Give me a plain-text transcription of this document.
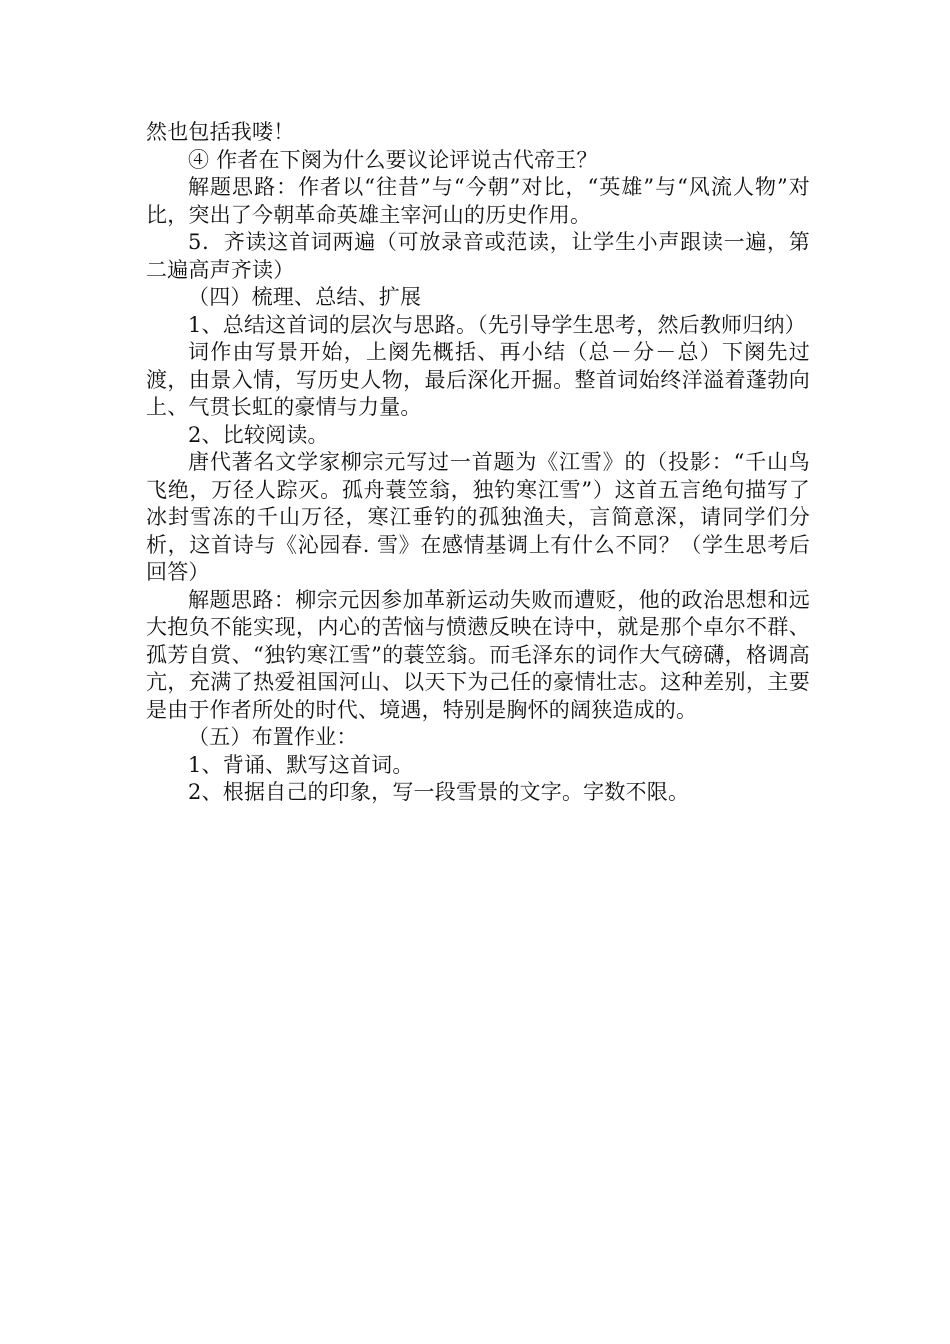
然也包括我喽！

④ 作者在下阕为什么要议论评说古代帝王？

解题思路：作者以“往昔”与“今朝”对比，“英雄”与“风流人物”对比，突出了今朝革命英雄主宰河山的历史作用。

5．齐读这首词两遍（可放录音或范读，让学生小声跟读一遍，第二遍高声齐读）

（四）梳理、总结、扩展

1、总结这首词的层次与思路。（先引导学生思考，然后教师归纳）

词作由写景开始，上阕先概括、再小结（总－分－总）下阕先过渡，由景入情，写历史人物，最后深化开掘。整首词始终洋溢着蓬勃向上、气贯长虹的豪情与力量。

2、比较阅读。

唐代著名文学家柳宗元写过一首题为《江雪》的（投影：“千山鸟飞绝，万径人踪灭。孤舟蓑笠翁，独钓寒江雪”）这首五言绝句描写了冰封雪冻的千山万径，寒江垂钓的孤独渔夫，言简意深，请同学们分析，这首诗与《沁园春. 雪》在感情基调上有什么不同？（学生思考后回答）

解题思路：柳宗元因参加革新运动失败而遭贬，他的政治思想和远大抱负不能实现，内心的苦恼与愤懑反映在诗中，就是那个卓尔不群、孤芳自赏、“独钓寒江雪”的蓑笠翁。而毛泽东的词作大气磅礴，格调高亢，充满了热爱祖国河山、以天下为己任的豪情壮志。这种差别，主要是由于作者所处的时代、境遇，特别是胸怀的阔狭造成的。

（五）布置作业：

1、背诵、默写这首词。

2、根据自己的印象，写一段雪景的文字。字数不限。
